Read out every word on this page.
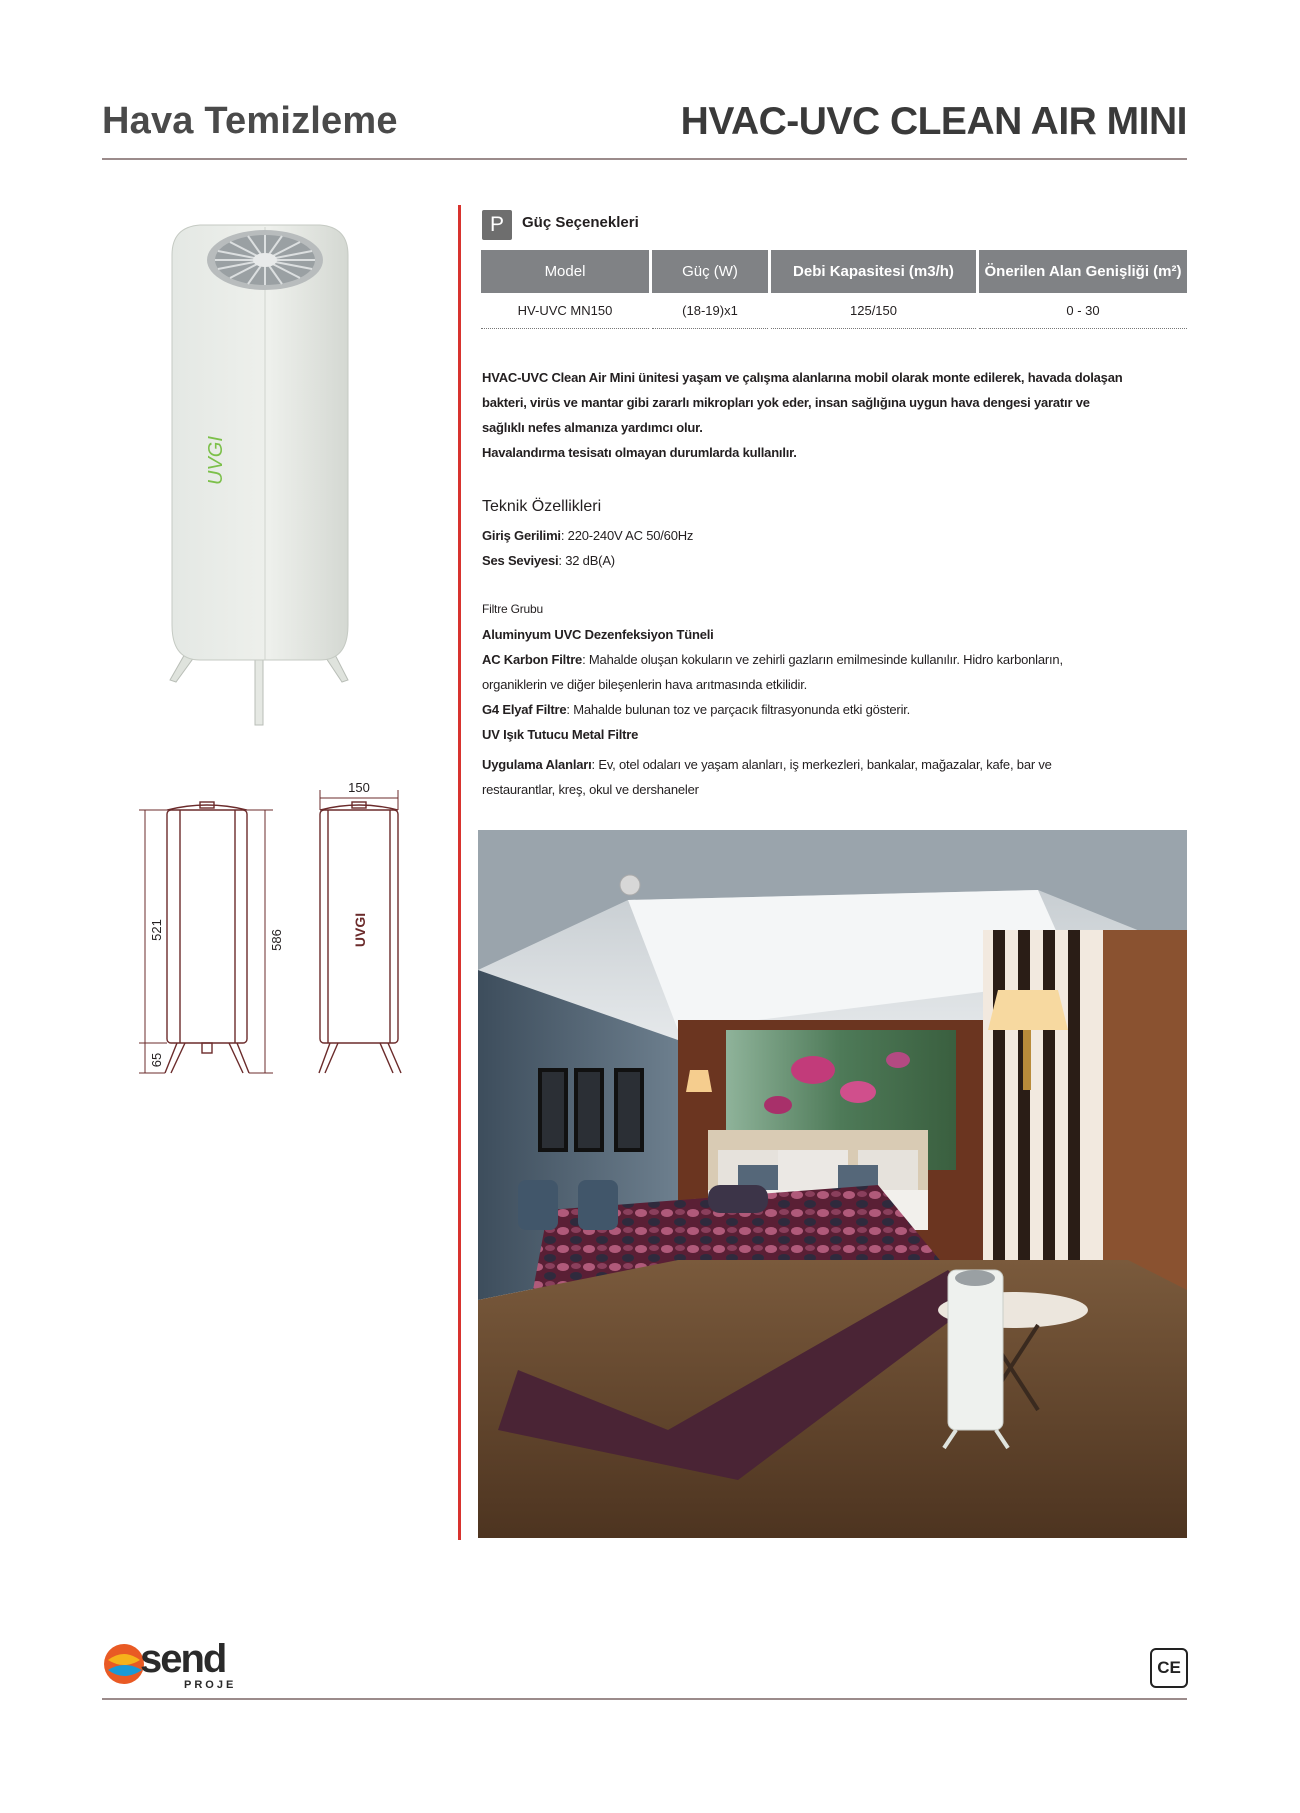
Hava Temizleme	HVAC-UVC CLEAN AIR MINI
UVGI
150
521	586
65
UVGI
P	Güç Seçenekleri
Model	Güç (W)	Debi Kapasitesi (m3/h)	Önerilen Alan Genişliği (m²)
HV-UVC MN150	(18-19)x1	125/150	0 - 30
HVAC-UVC Clean Air Mini ünitesi yaşam ve çalışma alanlarına mobil olarak monte edilerek, havada dolaşan
bakteri, virüs ve mantar gibi zararlı mikropları yok eder, insan sağlığına uygun hava dengesi yaratır ve
sağlıklı nefes almanıza yardımcı olur.
Havalandırma tesisatı olmayan durumlarda kullanılır.
Teknik Özellikleri
Giriş Gerilimi: 220-240V AC 50/60Hz
Ses Seviyesi: 32 dB(A)
Filtre Grubu
Aluminyum UVC Dezenfeksiyon Tüneli
AC Karbon Filtre: Mahalde oluşan kokuların ve zehirli gazların emilmesinde kullanılır. Hidro karbonların,
organiklerin ve diğer bileşenlerin hava arıtmasında etkilidir.
G4 Elyaf Filtre: Mahalde bulunan toz ve parçacık filtrasyonunda etki gösterir.
UV Işık Tutucu Metal Filtre
Uygulama Alanları: Ev, otel odaları ve yaşam alanları, iş merkezleri, bankalar, mağazalar, kafe, bar ve
restaurantlar, kreş, okul ve dershaneler
send
PROJE
CE
